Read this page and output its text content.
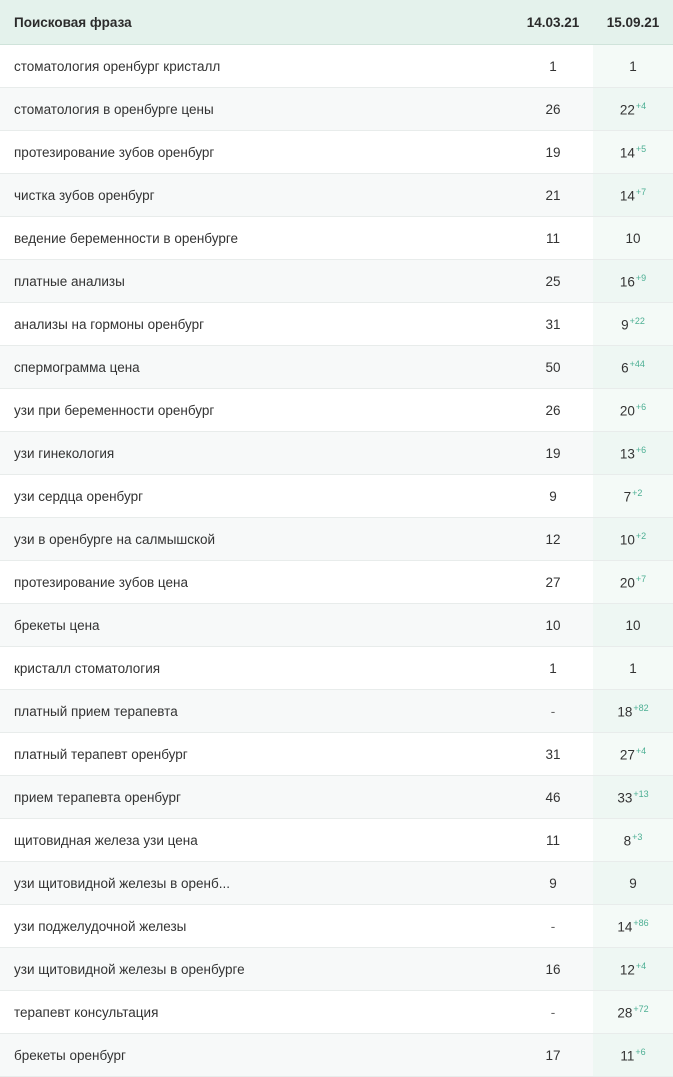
Поисковая фраза	14.03.21	15.09.21
стоматология оренбург кристалл	1	1
стоматология в оренбурге цены	26	$22^{+4}$
протезирование зубов оренбург	19	$14^{+5}$
чистка зубов оренбург	21	$14^{+7}$
ведение беременности в оренбурге	11	10
платные анализы	25	$16^{+9}$
анализы на гормоны оренбург	31	$9^{+22}$
спермограмма цена	50	$6^{+44}$
узи при беременности оренбург	26	$20^{+6}$
узи гинекология	19	$13^{+6}$
узи сердца оренбург	9	$7^{+2}$
узи в оренбурге на салмышской	12	$10^{+2}$
протезирование зубов цена	27	$20^{+7}$
брекеты цена	10	10
кристалл стоматология	1	1
платный прием терапевта	-	$18^{+82}$
платный терапевт оренбург	31	$27^{+4}$
прием терапевта оренбург	46	$33^{+13}$
щитовидная железа узи цена	11	$8^{+3}$
узи щитовидной железы в оренб...	9	9
узи поджелудочной железы	-	$14^{+86}$
узи щитовидной железы в оренбурге	16	$12^{+4}$
терапевт консультация	-	$28^{+72}$
брекеты оренбург	17	$11^{+6}$
